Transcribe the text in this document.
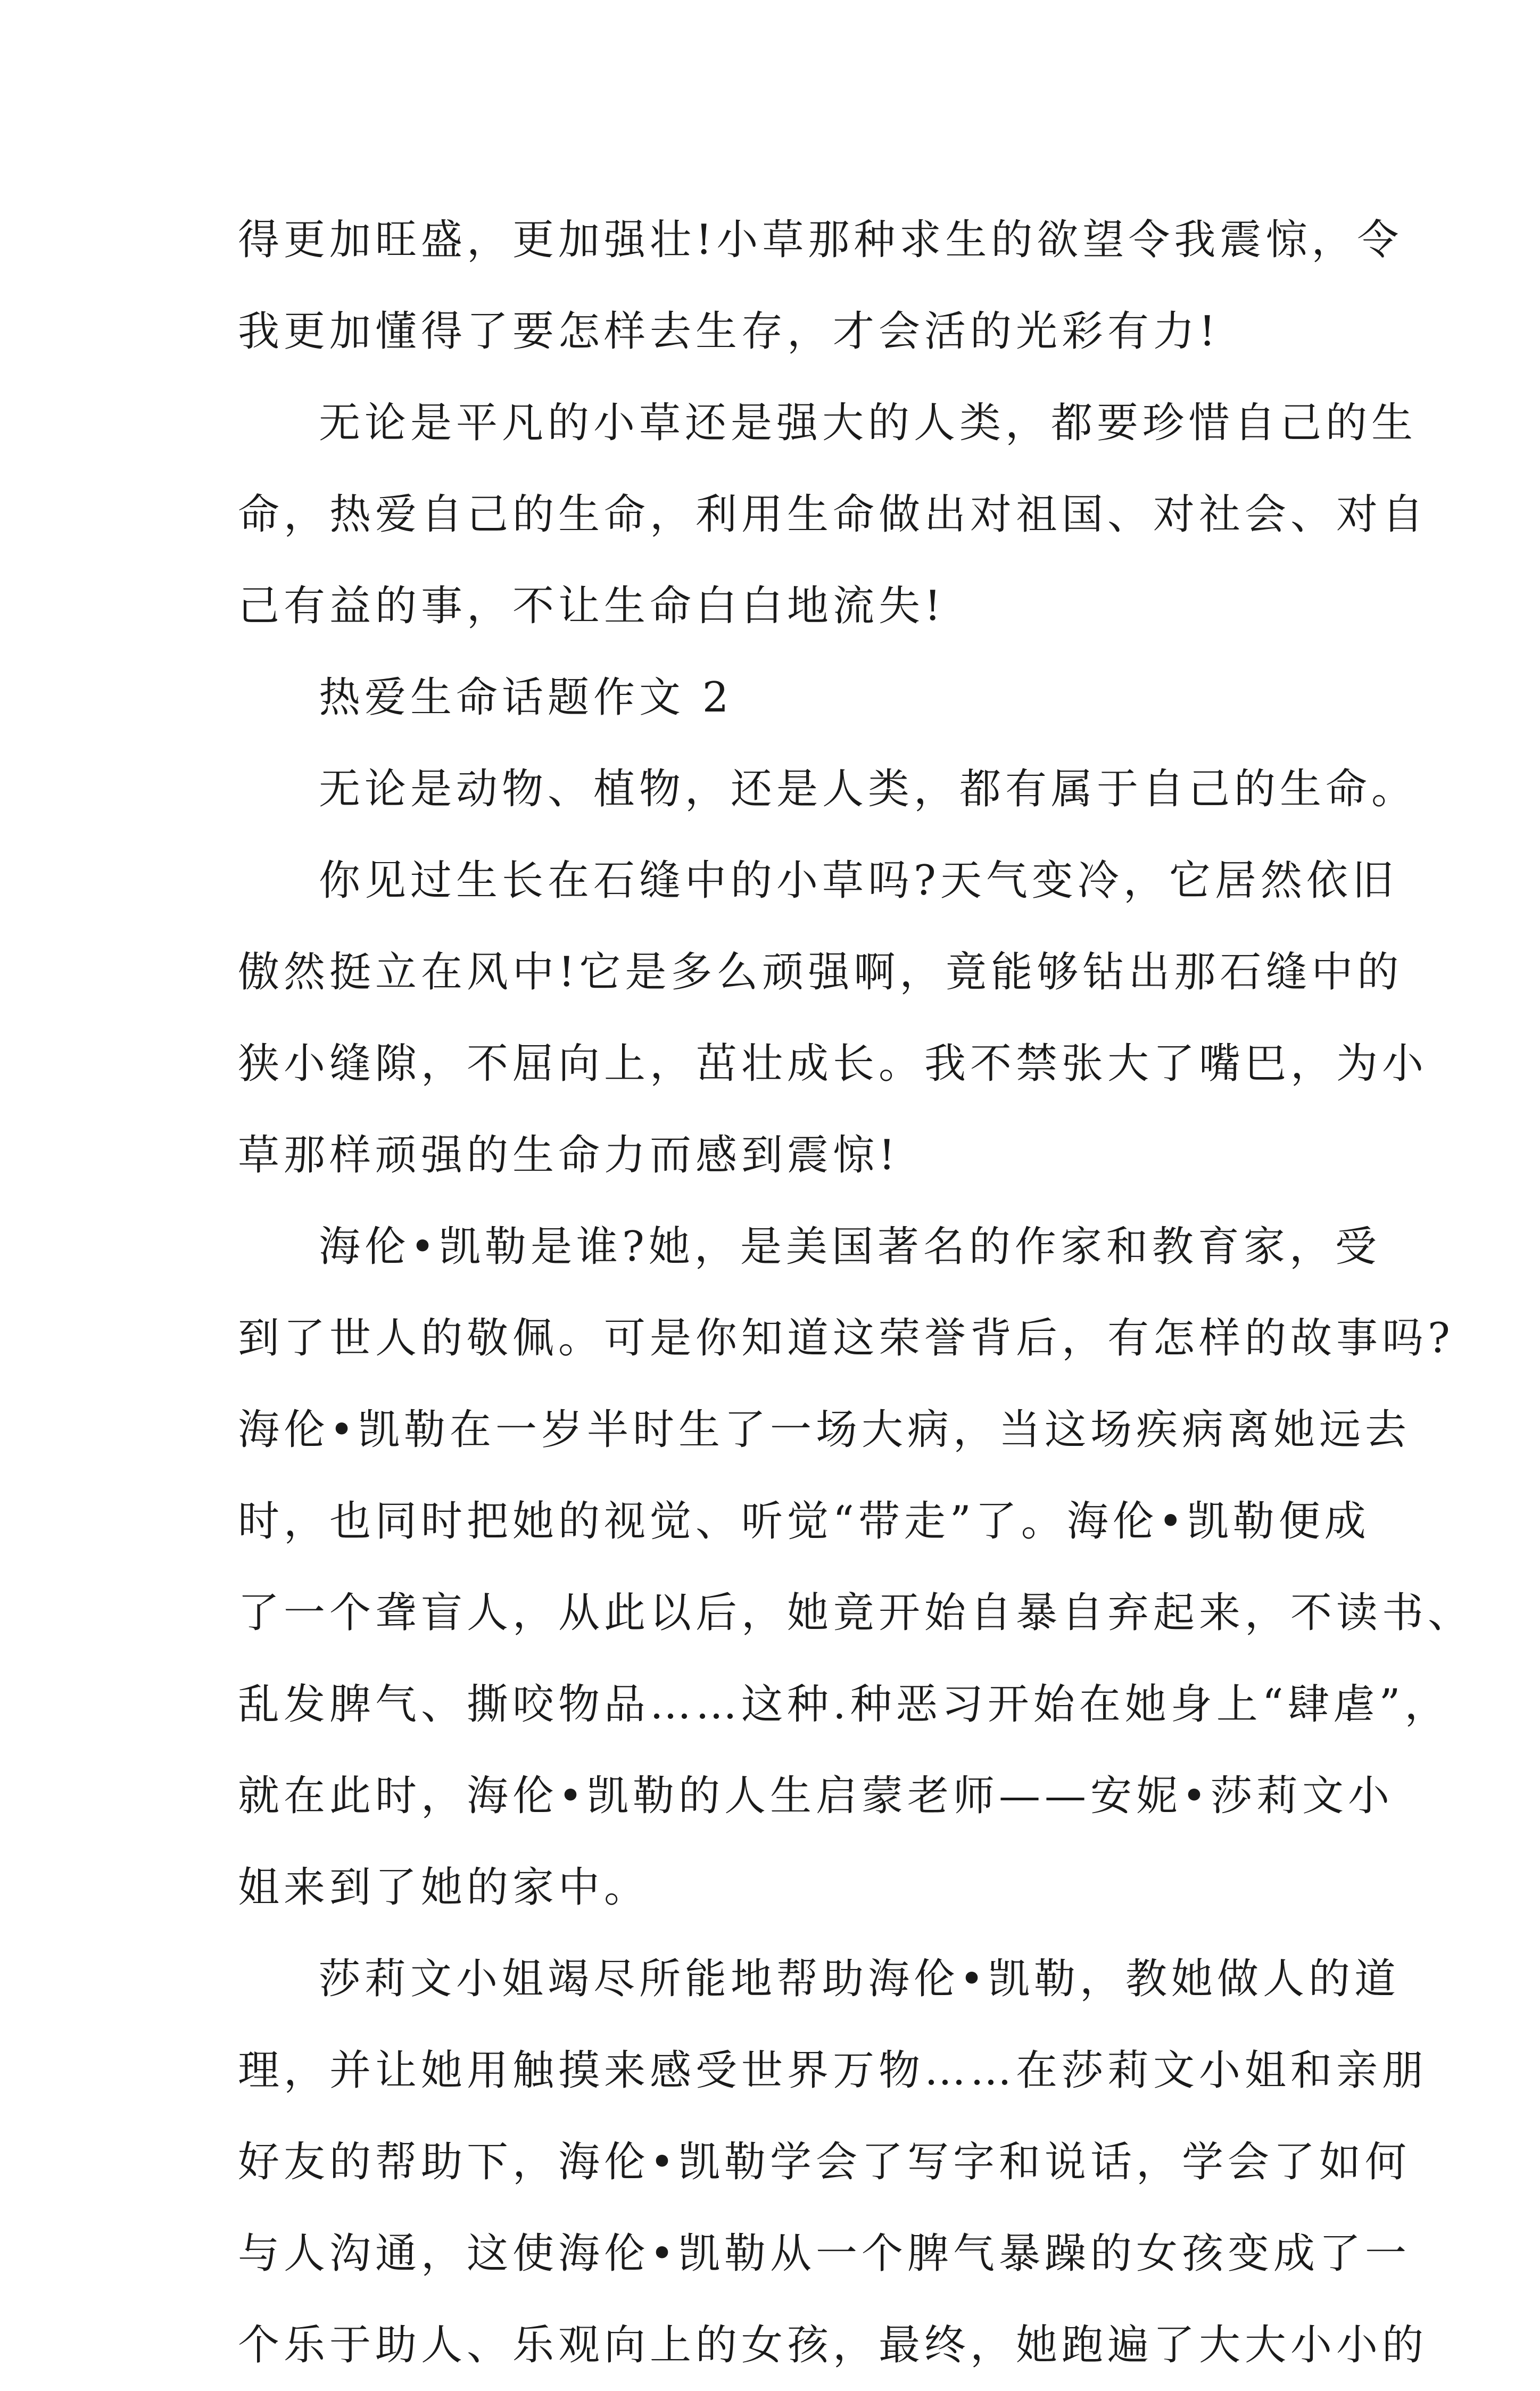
得更加旺盛，更加强壮!小草那种求生的欲望令我震惊，令
我更加懂得了要怎样去生存，才会活的光彩有力!
无论是平凡的小草还是强大的人类，都要珍惜自己的生
命，热爱自己的生命，利用生命做出对祖国、对社会、对自
己有益的事，不让生命白白地流失!
热爱生命话题作文 2
无论是动物、植物，还是人类，都有属于自己的生命。
你见过生长在石缝中的小草吗?天气变冷，它居然依旧
傲然挺立在风中!它是多么顽强啊，竟能够钻出那石缝中的
狭小缝隙，不屈向上，茁壮成长。我不禁张大了嘴巴，为小
草那样顽强的生命力而感到震惊!
海伦•凯勒是谁?她，是美国著名的作家和教育家，受
到了世人的敬佩。可是你知道这荣誉背后，有怎样的故事吗?
海伦•凯勒在一岁半时生了一场大病，当这场疾病离她远去
时，也同时把她的视觉、听觉“带走”了。海伦•凯勒便成
了一个聋盲人，从此以后，她竟开始自暴自弃起来，不读书、
乱发脾气、撕咬物品……这种.种恶习开始在她身上“肆虐”，
就在此时，海伦•凯勒的人生启蒙老师——安妮•莎莉文小
姐来到了她的家中。
莎莉文小姐竭尽所能地帮助海伦•凯勒，教她做人的道
理，并让她用触摸来感受世界万物……在莎莉文小姐和亲朋
好友的帮助下，海伦•凯勒学会了写字和说话，学会了如何
与人沟通，这使海伦•凯勒从一个脾气暴躁的女孩变成了一
个乐于助人、乐观向上的女孩，最终，她跑遍了大大小小的
